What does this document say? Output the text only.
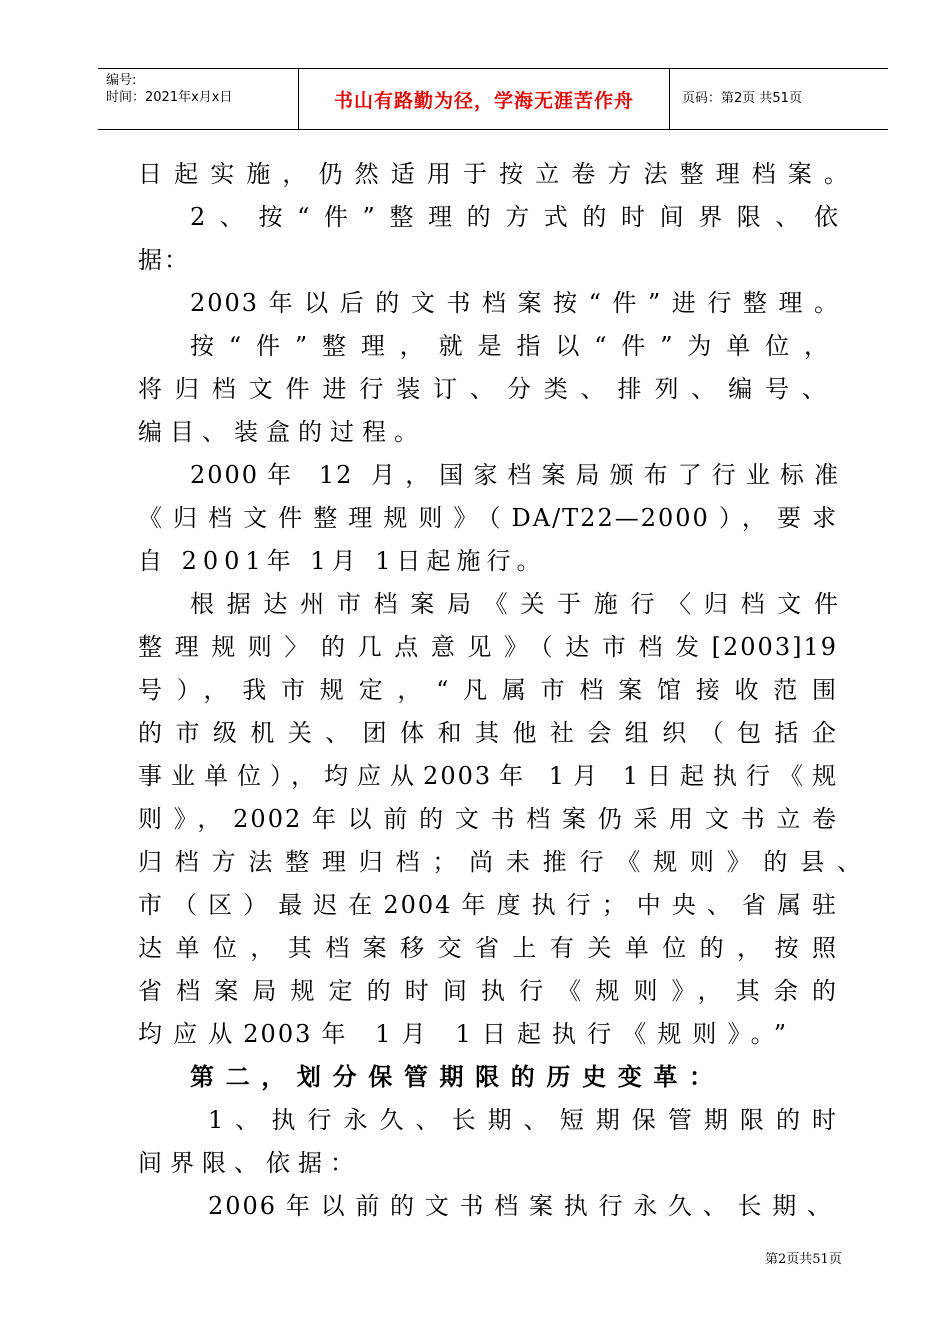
编号:
时间：2021年x月x日	书山有路勤为径，学海无涯苦作舟	页码：第2页 共51页
日起实施，仍然适用于按立卷方法整理档案。
2、按“件”整理的方式的时间界限、依
据：
2003年以后的文书档案按“件”进行整理。
按“件”整理，就是指以“件”为单位，
将归档文件进行装订、分类、排列、编号、
编目、装盒的过程。
2000年 12 月，国家档案局颁布了行业标准
《归档文件整理规则》（DA/T22—2000），要求
自 2001年 1月 1日起施行。
根据达州市档案局《关于施行〈归档文件
整理规则〉的几点意见》（达市档发[2003]19
号），我市规定，“凡属市档案馆接收范围
的市级机关、团体和其他社会组织（包括企
事业单位），均应从2003年 1月 1日起执行《规
则》，2002年以前的文书档案仍采用文书立卷
归档方法整理归档；尚未推行《规则》的县、
市（区）最迟在2004年度执行；中央、省属驻
达单位，其档案移交省上有关单位的，按照
省档案局规定的时间执行《规则》，其余的
均应从2003年 1月 1日起执行《规则》。”
第二，划分保管期限的历史变革：
1、执行永久、长期、短期保管期限的时
间界限、依据：
2006年以前的文书档案执行永久、长期、
第2页共51页
